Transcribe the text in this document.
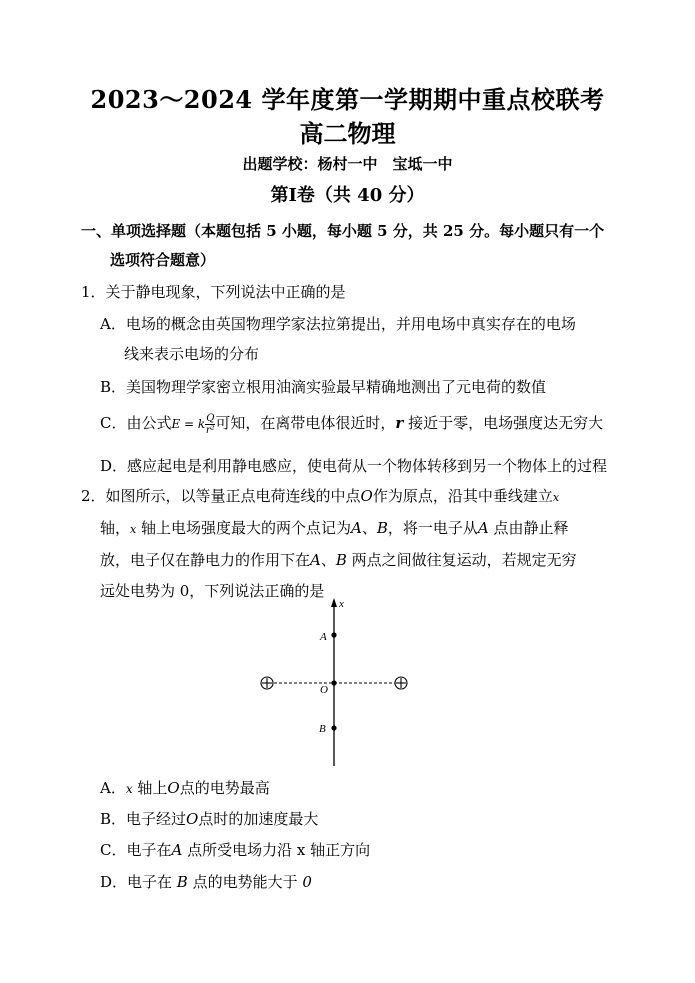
2023～2024 学年度第一学期期中重点校联考
高二物理
出题学校：杨村一中　宝坻一中
第Ⅰ卷（共 40 分）
一、单项选择题（本题包括 5 小题，每小题 5 分，共 25 分。每小题只有一个
选项符合题意）
1．关于静电现象，下列说法中正确的是
A．电场的概念由英国物理学家法拉第提出，并用电场中真实存在的电场
线来表示电场的分布
B．美国物理学家密立根用油滴实验最早精确地测出了元电荷的数值
C．由公式E = k $\frac{Q}{\text{r²}}$ 可知，在离带电体很近时，r 接近于零，电场强度达无穷大
D．感应起电是利用静电感应，使电荷从一个物体转移到另一个物体上的过程
2．如图所示，以等量正点电荷连线的中点O作为原点，沿其中垂线建立x
轴，x 轴上电场强度最大的两个点记为A、B，将一电子从A 点由静止释
放，电子仅在静电力的作用下在A、B 两点之间做往复运动，若规定无穷
远处电势为 0，下列说法正确的是
x
A
O
B
A．x 轴上O点的电势最高
B．电子经过O点时的加速度最大
C．电子在A 点所受电场力沿 x 轴正方向
D．电子在 B 点的电势能大于 0
